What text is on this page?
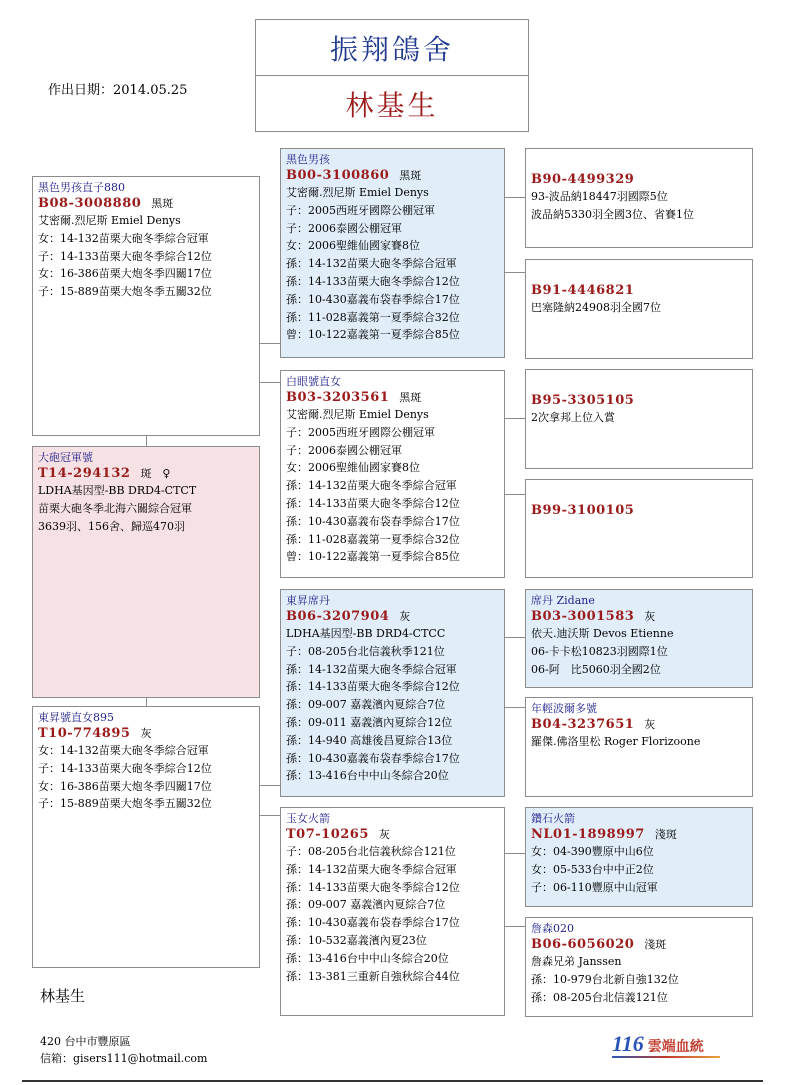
振翔鴿舍
林基生
作出日期：2014.05.25
黑色男孩直子880
B08-3008880 黑斑
艾密爾.烈尼斯 Emiel Denys
女：14-132苗栗大砲冬季綜合冠軍
子：14-133苗栗大砲冬季綜合12位
女：16-386苗栗大炮冬季四關17位
子：15-889苗栗大炮冬季五關32位
大砲冠軍號
T14-294132 斑　♀
LDHA基因型-BB DRD4-CTCT
苗栗大砲冬季北海六關綜合冠軍
3639羽、156舍、歸巡470羽
東昇號直女895
T10-774895 灰
女：14-132苗栗大砲冬季綜合冠軍
子：14-133苗栗大砲冬季綜合12位
女：16-386苗栗大炮冬季四關17位
子：15-889苗栗大炮冬季五關32位
黑色男孩
B00-3100860 黑斑
艾密爾.烈尼斯 Emiel Denys
子：2005西班牙國際公棚冠軍
子：2006泰國公棚冠軍
女：2006聖維仙國家賽8位
孫：14-132苗栗大砲冬季綜合冠軍
孫：14-133苗栗大砲冬季綜合12位
孫：10-430嘉義布袋春季綜合17位
孫：11-028嘉義第一夏季綜合32位
曾：10-122嘉義第一夏季綜合85位
白眼號直女
B03-3203561 黑斑
艾密爾.烈尼斯 Emiel Denys
子：2005西班牙國際公棚冠軍
子：2006泰國公棚冠軍
女：2006聖維仙國家賽8位
孫：14-132苗栗大砲冬季綜合冠軍
孫：14-133苗栗大砲冬季綜合12位
孫：10-430嘉義布袋春季綜合17位
孫：11-028嘉義第一夏季綜合32位
曾：10-122嘉義第一夏季綜合85位
東昇席丹
B06-3207904 灰
LDHA基因型-BB DRD4-CTCC
子：08-205台北信義秋季121位
孫：14-132苗栗大砲冬季綜合冠軍
孫：14-133苗栗大砲冬季綜合12位
孫：09-007 嘉義濱內夏綜合7位
孫：09-011 嘉義濱內夏綜合12位
孫：14-940 高雄後昌夏綜合13位
孫：10-430嘉義布袋春季綜合17位
孫：13-416台中中山冬綜合20位
玉女火箭
T07-10265 灰
子：08-205台北信義秋綜合121位
孫：14-132苗栗大砲冬季綜合冠軍
孫：14-133苗栗大砲冬季綜合12位
孫：09-007 嘉義濱內夏綜合7位
孫：10-430嘉義布袋春季綜合17位
孫：10-532嘉義濱內夏23位
孫：13-416台中中山冬綜合20位
孫：13-381三重新自強秋綜合44位
B90-4499329
93-波品納18447羽國際5位
波品納5330羽全國3位、省賽1位
B91-4446821
巴塞隆納24908羽全國7位
B95-3305105
2次拿邦上位入賞
B99-3100105
席丹 Zidane
B03-3001583 灰
依天.迪沃斯 Devos Etienne
06-卡卡松10823羽國際1位
06-阿　比5060羽全國2位
年輕波爾多號
B04-3237651 灰
羅傑.佛洛里松 Roger Florizoone
鑽石火箭
NL01-1898997 淺斑
女：04-390豐原中山6位
女：05-533台中中正2位
子：06-110豐原中山冠軍
詹森020
B06-6056020 淺斑
詹森兄弟 Janssen
孫：10-979台北新自強132位
孫：08-205台北信義121位
林基生
420 台中市豐原區
信箱：gisers111@hotmail.com
116 雲端血統
